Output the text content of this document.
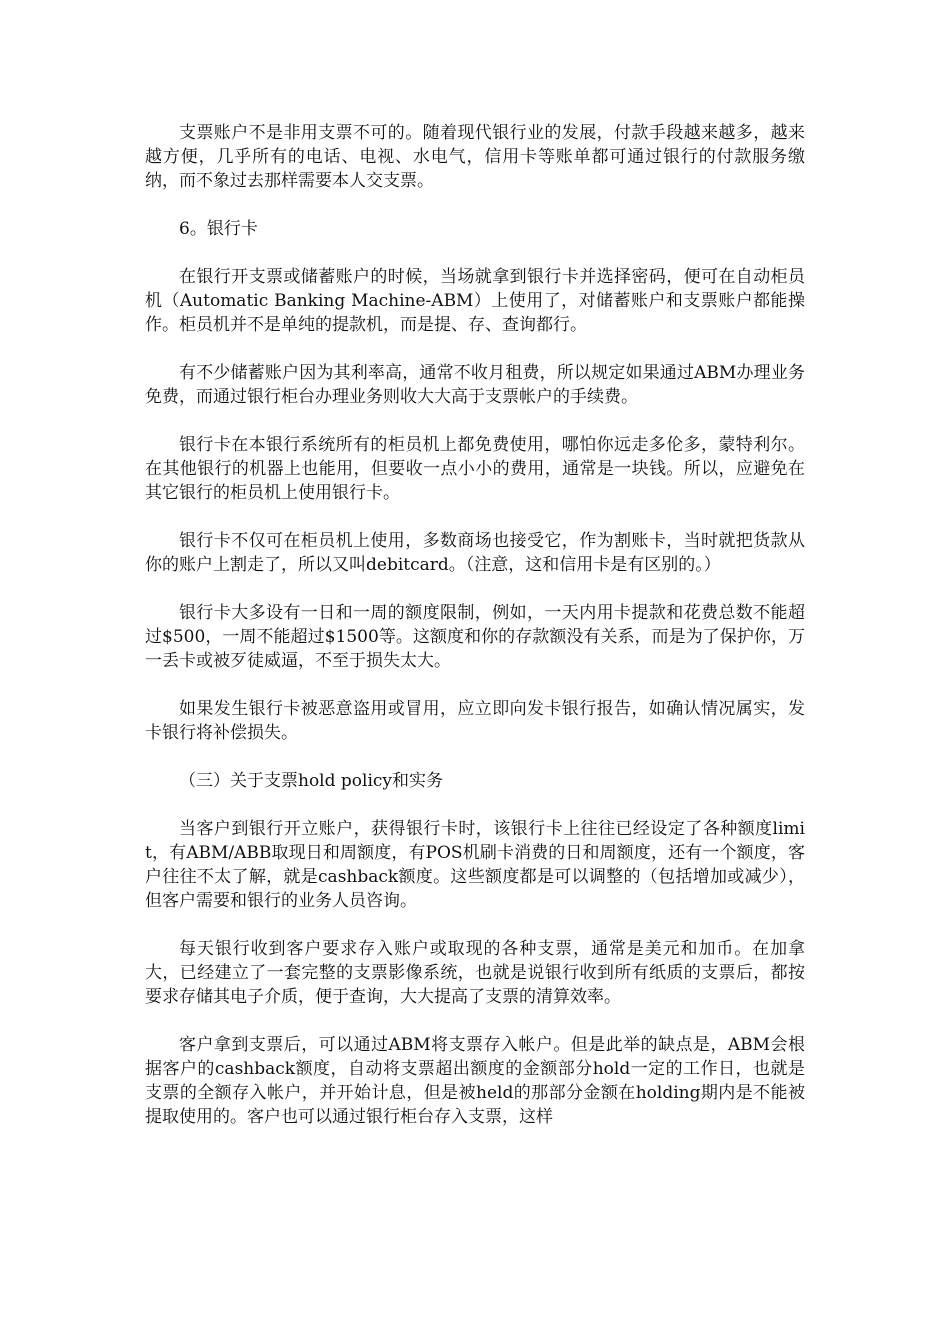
支票账户不是非用支票不可的。随着现代银行业的发展，付款手段越来越多，越来越方便，几乎所有的电话、电视、水电气，信用卡等账单都可通过银行的付款服务缴纳，而不象过去那样需要本人交支票。

6。银行卡

在银行开支票或储蓄账户的时候，当场就拿到银行卡并选择密码，便可在自动柜员机（Automatic Banking Machine-ABM）上使用了，对储蓄账户和支票账户都能操作。柜员机并不是单纯的提款机，而是提、存、查询都行。

有不少储蓄账户因为其利率高，通常不收月租费，所以规定如果通过ABM办理业务免费，而通过银行柜台办理业务则收大大高于支票帐户的手续费。

银行卡在本银行系统所有的柜员机上都免费使用，哪怕你远走多伦多，蒙特利尔。在其他银行的机器上也能用，但要收一点小小的费用，通常是一块钱。所以，应避免在其它银行的柜员机上使用银行卡。

银行卡不仅可在柜员机上使用，多数商场也接受它，作为割账卡，当时就把货款从你的账户上割走了，所以又叫debitcard。（注意，这和信用卡是有区别的。）

银行卡大多设有一日和一周的额度限制，例如，一天内用卡提款和花费总数不能超过$500，一周不能超过$1500等。这额度和你的存款额没有关系，而是为了保护你，万一丢卡或被歹徒威逼，不至于损失太大。

如果发生银行卡被恶意盗用或冒用，应立即向发卡银行报告，如确认情况属实，发卡银行将补偿损失。

（三）关于支票hold policy和实务

当客户到银行开立账户，获得银行卡时，该银行卡上往往已经设定了各种额度limit，有ABM/ABB取现日和周额度，有POS机刷卡消费的日和周额度，还有一个额度，客户往往不太了解，就是cashback额度。这些额度都是可以调整的（包括增加或减少），但客户需要和银行的业务人员咨询。

每天银行收到客户要求存入账户或取现的各种支票，通常是美元和加币。在加拿大，已经建立了一套完整的支票影像系统，也就是说银行收到所有纸质的支票后，都按要求存储其电子介质，便于查询，大大提高了支票的清算效率。

客户拿到支票后，可以通过ABM将支票存入帐户。但是此举的缺点是，ABM会根据客户的cashback额度，自动将支票超出额度的金额部分hold一定的工作日，也就是支票的全额存入帐户，并开始计息，但是被held的那部分金额在holding期内是不能被提取使用的。客户也可以通过银行柜台存入支票，这样
